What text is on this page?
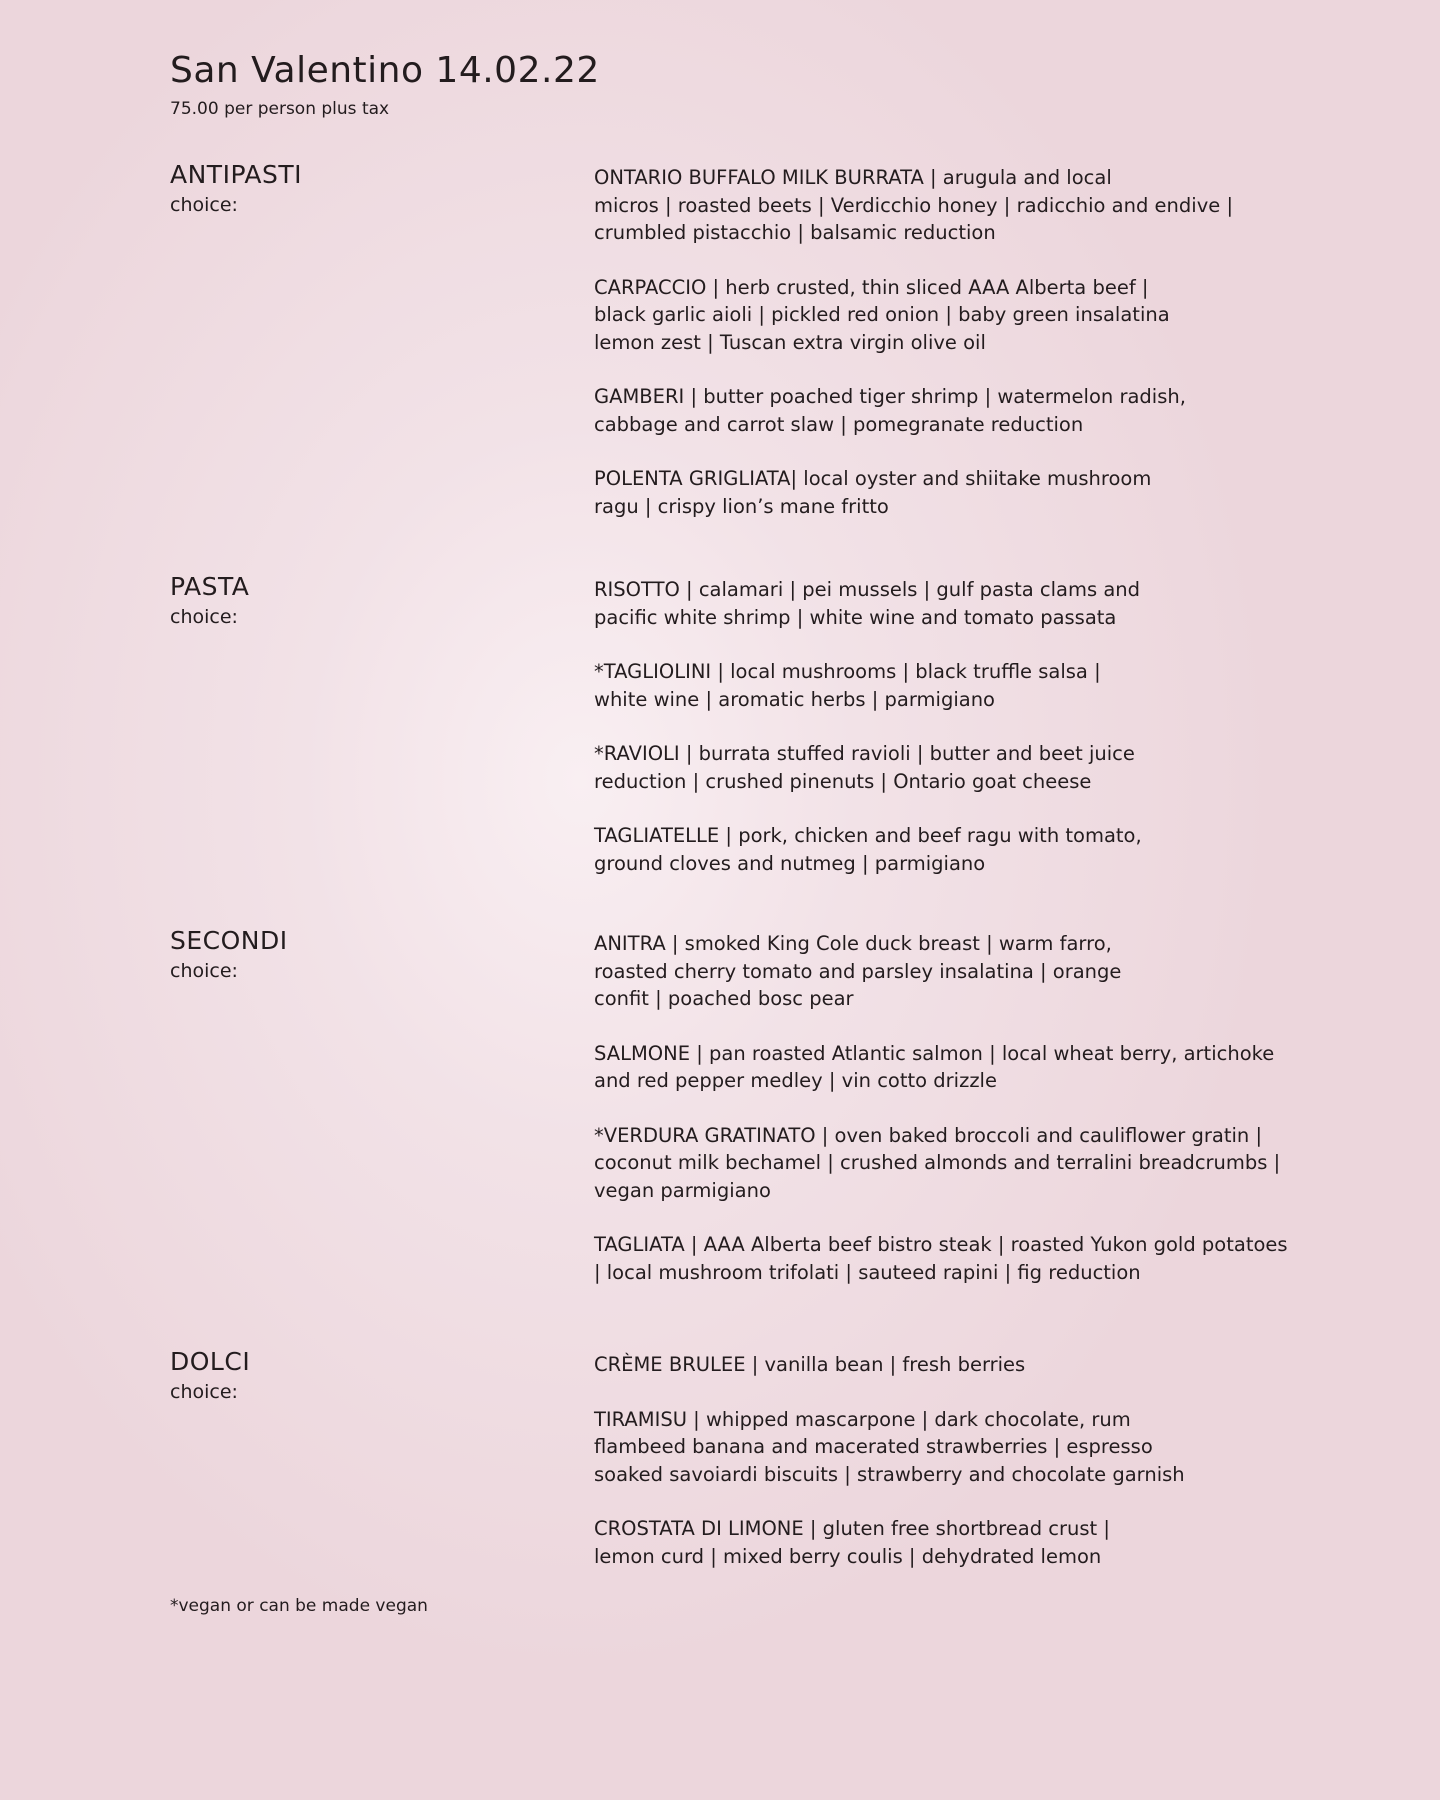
San Valentino 14.02.22

75.00 per person plus tax

ANTIPASTI
choice:
ONTARIO BUFFALO MILK BURRATA | arugula and local
micros | roasted beets | Verdicchio honey | radicchio and endive |
crumbled pistacchio | balsamic reduction
CARPACCIO | herb crusted, thin sliced AAA Alberta beef |
black garlic aioli | pickled red onion | baby green insalatina
lemon zest | Tuscan extra virgin olive oil
GAMBERI | butter poached tiger shrimp | watermelon radish,
cabbage and carrot slaw | pomegranate reduction
POLENTA GRIGLIATA| local oyster and shiitake mushroom
ragu | crispy lion’s mane fritto
PASTA
choice:
RISOTTO | calamari | pei mussels | gulf pasta clams and
pacific white shrimp | white wine and tomato passata
*TAGLIOLINI | local mushrooms | black truffle salsa |
white wine | aromatic herbs | parmigiano
*RAVIOLI | burrata stuffed ravioli | butter and beet juice
reduction | crushed pinenuts | Ontario goat cheese
TAGLIATELLE | pork, chicken and beef ragu with tomato,
ground cloves and nutmeg | parmigiano
SECONDI
choice:
ANITRA | smoked King Cole duck breast | warm farro,
roasted cherry tomato and parsley insalatina | orange
confit | poached bosc pear
SALMONE | pan roasted Atlantic salmon | local wheat berry, artichoke
and red pepper medley | vin cotto drizzle
*VERDURA GRATINATO | oven baked broccoli and cauliflower gratin |
coconut milk bechamel | crushed almonds and terralini breadcrumbs |
vegan parmigiano
TAGLIATA | AAA Alberta beef bistro steak | roasted Yukon gold potatoes
| local mushroom trifolati | sauteed rapini | fig reduction
DOLCI
choice:
CRÈME BRULEE | vanilla bean | fresh berries
TIRAMISU | whipped mascarpone | dark chocolate, rum
flambeed banana and macerated strawberries | espresso
soaked savoiardi biscuits | strawberry and chocolate garnish
CROSTATA DI LIMONE | gluten free shortbread crust |
lemon curd | mixed berry coulis | dehydrated lemon

*vegan or can be made vegan
